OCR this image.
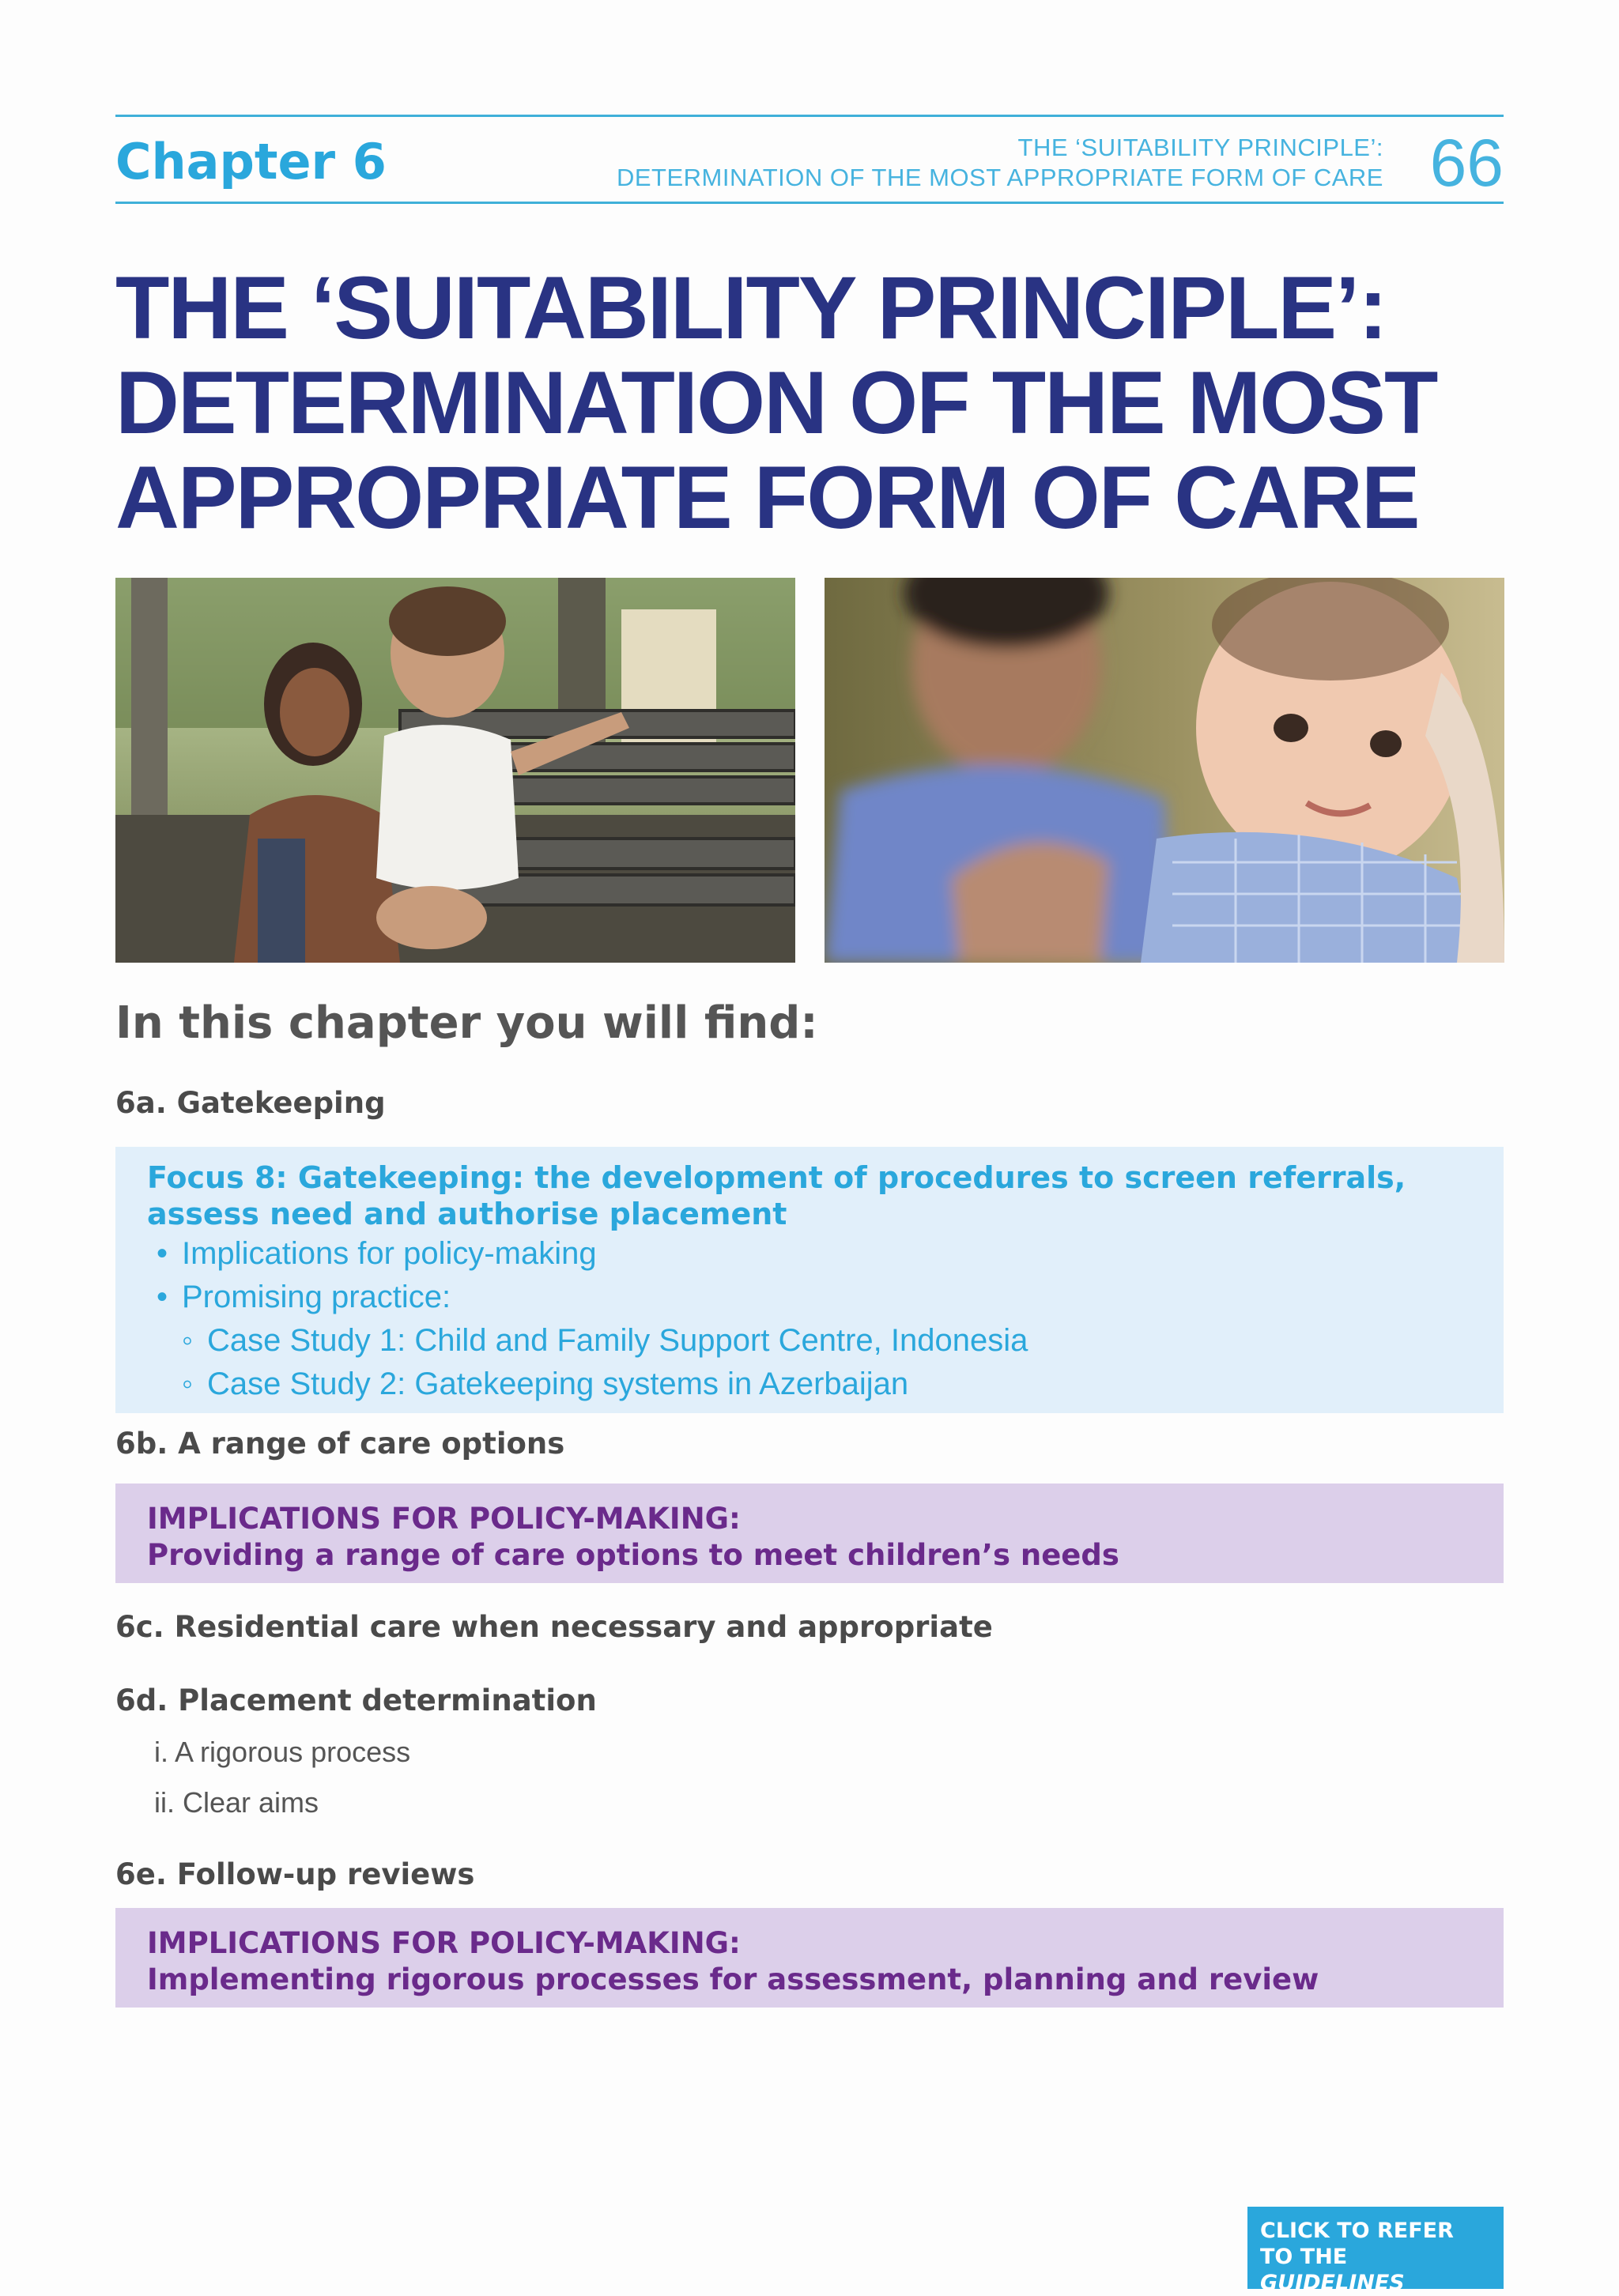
Chapter 6	THE ‘SUITABILITY PRINCIPLE’:
DETERMINATION OF THE MOST APPROPRIATE FORM OF CARE 66
THE ‘SUITABILITY PRINCIPLE’:
DETERMINATION OF THE MOST
APPROPRIATE FORM OF CARE
In this chapter you will find:
6a. Gatekeeping
Focus 8: Gatekeeping: the development of procedures to screen referrals, assess need and authorise placement
• Implications for policy-making
• Promising practice:
◦ Case Study 1: Child and Family Support Centre, Indonesia
◦ Case Study 2: Gatekeeping systems in Azerbaijan
6b. A range of care options
IMPLICATIONS FOR POLICY-MAKING:
Providing a range of care options to meet children’s needs
6c. Residential care when necessary and appropriate
6d. Placement determination
i. A rigorous process
ii. Clear aims
6e. Follow-up reviews
IMPLICATIONS FOR POLICY-MAKING:
Implementing rigorous processes for assessment, planning and review
CLICK TO REFER
TO THE GUIDELINES
